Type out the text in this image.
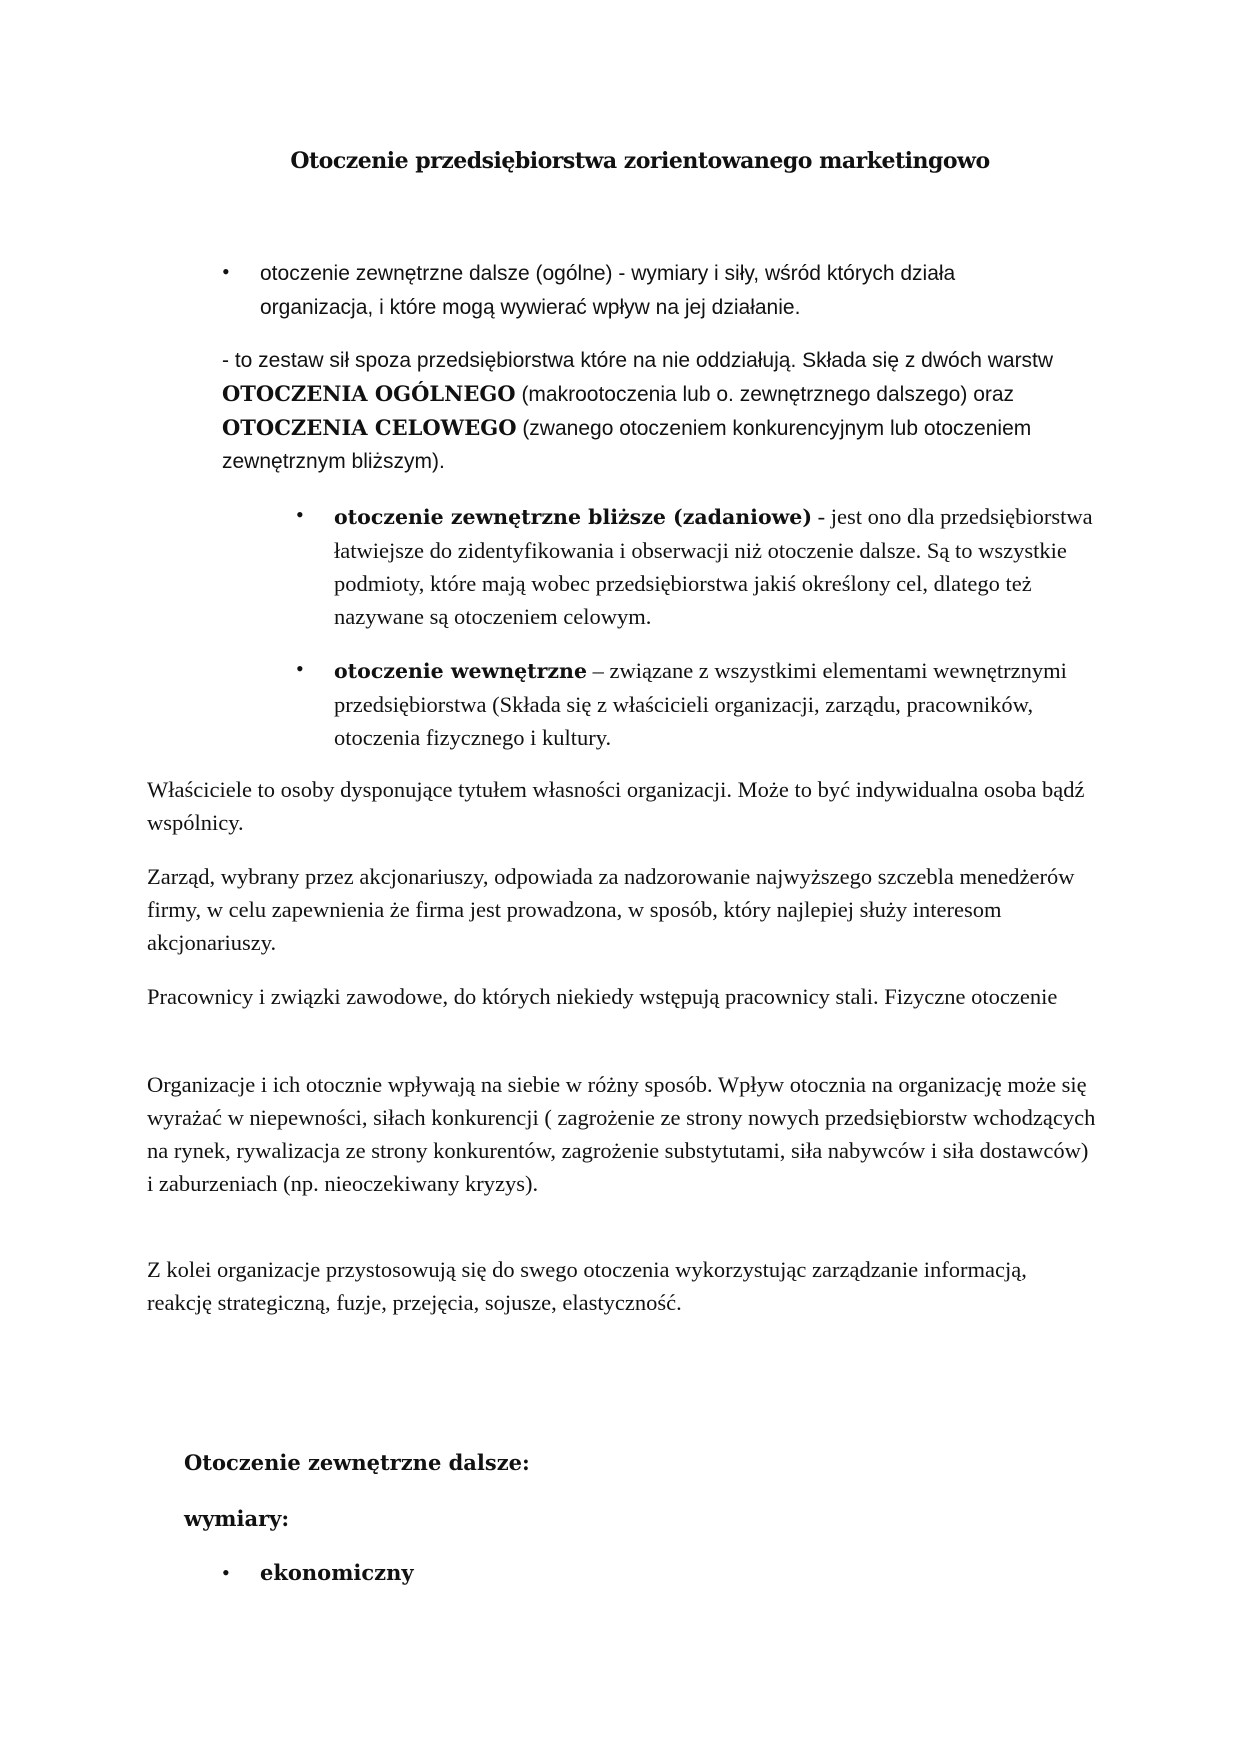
Otoczenie przedsiębiorstwa zorientowanego marketingowo
• otoczenie zewnętrzne dalsze (ogólne) - wymiary i siły, wśród których działa organizacja, i które mogą wywierać wpływ na jej działanie.

- to zestaw sił spoza przedsiębiorstwa które na nie oddziałują. Składa się z dwóch warstw OTOCZENIA OGÓLNEGO (makrootoczenia lub o. zewnętrznego dalszego) oraz OTOCZENIA CELOWEGO (zwanego otoczeniem konkurencyjnym lub otoczeniem zewnętrznym bliższym).

• otoczenie zewnętrzne bliższe (zadaniowe) - jest ono dla przedsiębiorstwa łatwiejsze do zidentyfikowania i obserwacji niż otoczenie dalsze. Są to wszystkie podmioty, które mają wobec przedsiębiorstwa jakiś określony cel, dlatego też nazywane są otoczeniem celowym.

• otoczenie wewnętrzne – związane z wszystkimi elementami wewnętrznymi przedsiębiorstwa (Składa się z właścicieli organizacji, zarządu, pracowników, otoczenia fizycznego i kultury.

Właściciele to osoby dysponujące tytułem własności organizacji. Może to być indywidualna osoba bądź wspólnicy.

Zarząd, wybrany przez akcjonariuszy, odpowiada za nadzorowanie najwyższego szczebla menedżerów firmy, w celu zapewnienia że firma jest prowadzona, w sposób, który najlepiej służy interesom akcjonariuszy.

Pracownicy i związki zawodowe, do których niekiedy wstępują pracownicy stali. Fizyczne otoczenie

Organizacje i ich otocznie wpływają na siebie w różny sposób. Wpływ otocznia na organizację może się wyrażać w niepewności, siłach konkurencji ( zagrożenie ze strony nowych przedsiębiorstw wchodzących na rynek, rywalizacja ze strony konkurentów, zagrożenie substytutami, siła nabywców i siła dostawców) i zaburzeniach (np. nieoczekiwany kryzys).

Z kolei organizacje przystosowują się do swego otoczenia wykorzystując zarządzanie informacją, reakcję strategiczną, fuzje, przejęcia, sojusze, elastyczność.

Otoczenie zewnętrzne dalsze:

wymiary:

• ekonomiczny
